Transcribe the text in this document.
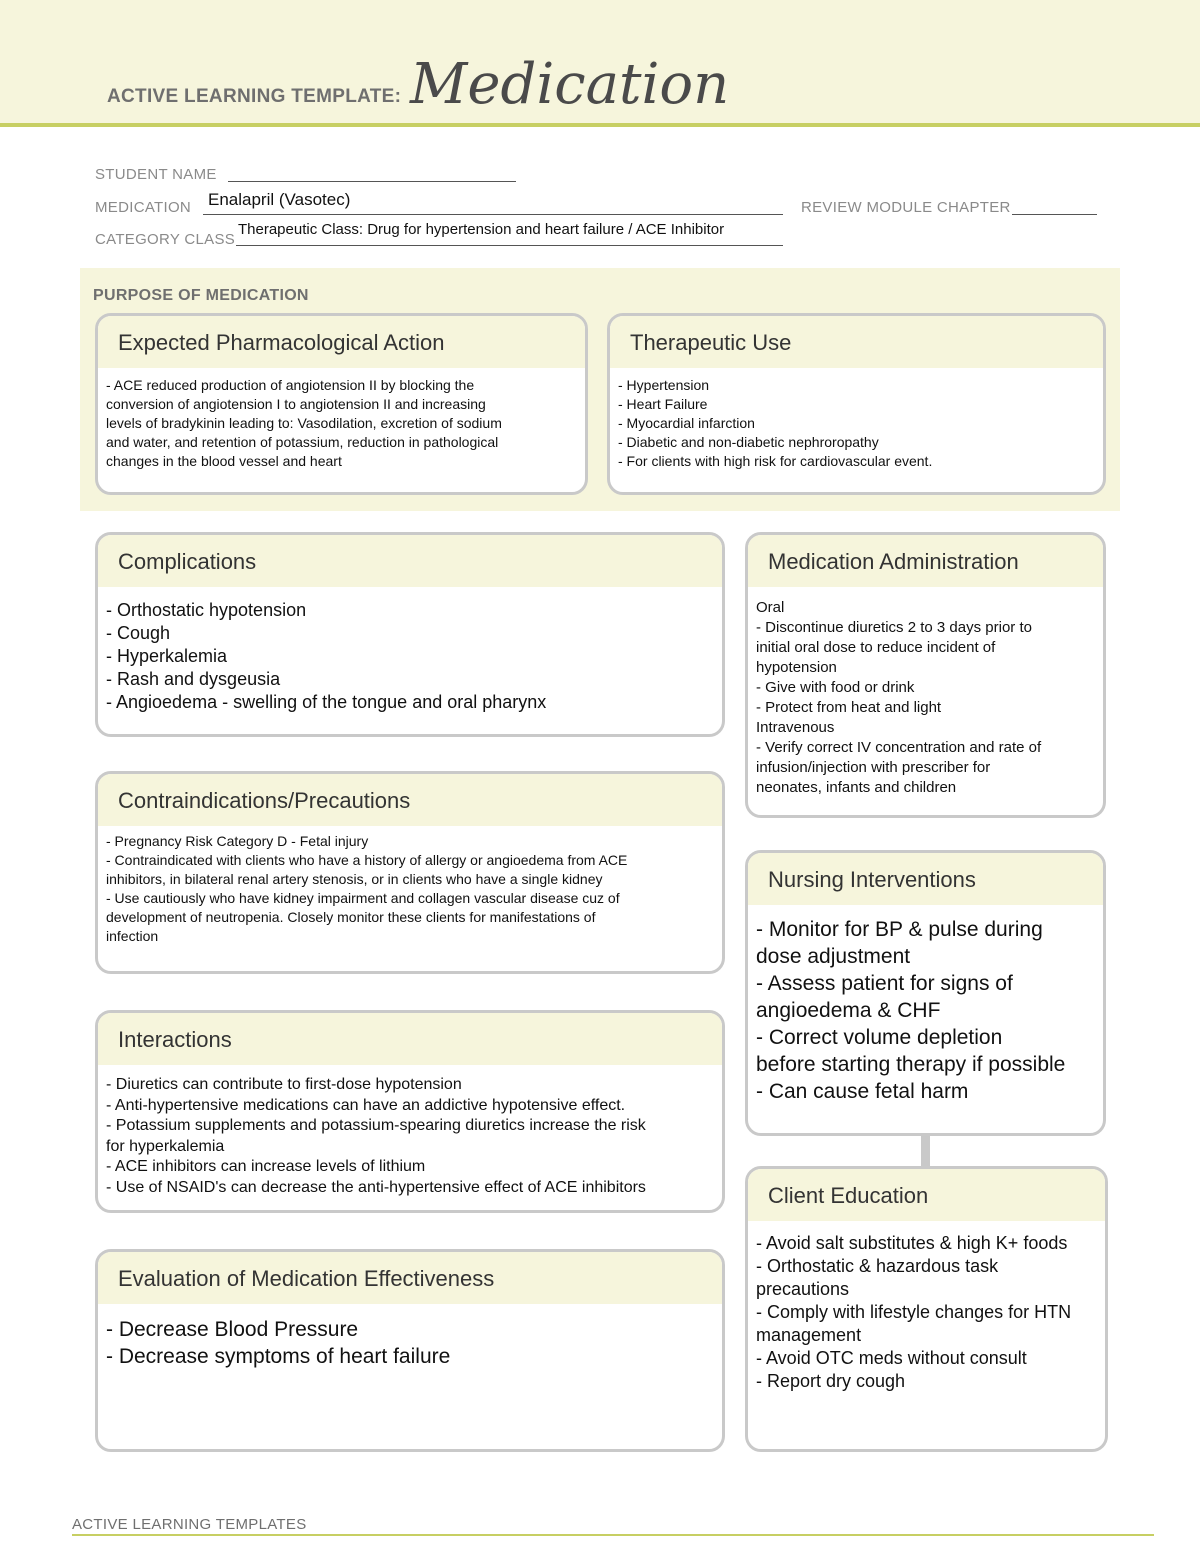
ACTIVE LEARNING TEMPLATE: Medication
STUDENT NAME
MEDICATION Enalapril (Vasotec)	REVIEW MODULE CHAPTER
CATEGORY CLASS
Therapeutic Class: Drug for hypertension and heart failure / ACE Inhibitor
PURPOSE OF MEDICATION
Expected Pharmacological Action
- ACE reduced production of angiotension II by blocking the
conversion of angiotension I to angiotension II and increasing
levels of bradykinin leading to: Vasodilation, excretion of sodium
and water, and retention of potassium, reduction in pathological
changes in the blood vessel and heart
Therapeutic Use
- Hypertension
- Heart Failure
- Myocardial infarction
- Diabetic and non-diabetic nephroropathy
- For clients with high risk for cardiovascular event.
Complications
- Orthostatic hypotension
- Cough
- Hyperkalemia
- Rash and dysgeusia
- Angioedema - swelling of the tongue and oral pharynx
Medication Administration
Oral
- Discontinue diuretics 2 to 3 days prior to
initial oral dose to reduce incident of
hypotension
- Give with food or drink
- Protect from heat and light
Intravenous
- Verify correct IV concentration and rate of
infusion/injection with prescriber for
neonates, infants and children
Contraindications/Precautions
- Pregnancy Risk Category D - Fetal injury
- Contraindicated with clients who have a history of allergy or angioedema from ACE
inhibitors, in bilateral renal artery stenosis, or in clients who have a single kidney
- Use cautiously who have kidney impairment and collagen vascular disease cuz of
development of neutropenia. Closely monitor these clients for manifestations of
infection
Nursing Interventions
- Monitor for BP & pulse during
dose adjustment
- Assess patient for signs of
angioedema & CHF
- Correct volume depletion
before starting therapy if possible
- Can cause fetal harm
Interactions
- Diuretics can contribute to first-dose hypotension
- Anti-hypertensive medications can have an addictive hypotensive effect.
- Potassium supplements and potassium-spearing diuretics increase the risk
for hyperkalemia
- ACE inhibitors can increase levels of lithium
- Use of NSAID's can decrease the anti-hypertensive effect of ACE inhibitors	Client Education
- Avoid salt substitutes & high K+ foods
- Orthostatic & hazardous task
precautions
- Comply with lifestyle changes for HTN
management
- Avoid OTC meds without consult
- Report dry cough
Evaluation of Medication Effectiveness
- Decrease Blood Pressure
- Decrease symptoms of heart failure
ACTIVE LEARNING TEMPLATES
